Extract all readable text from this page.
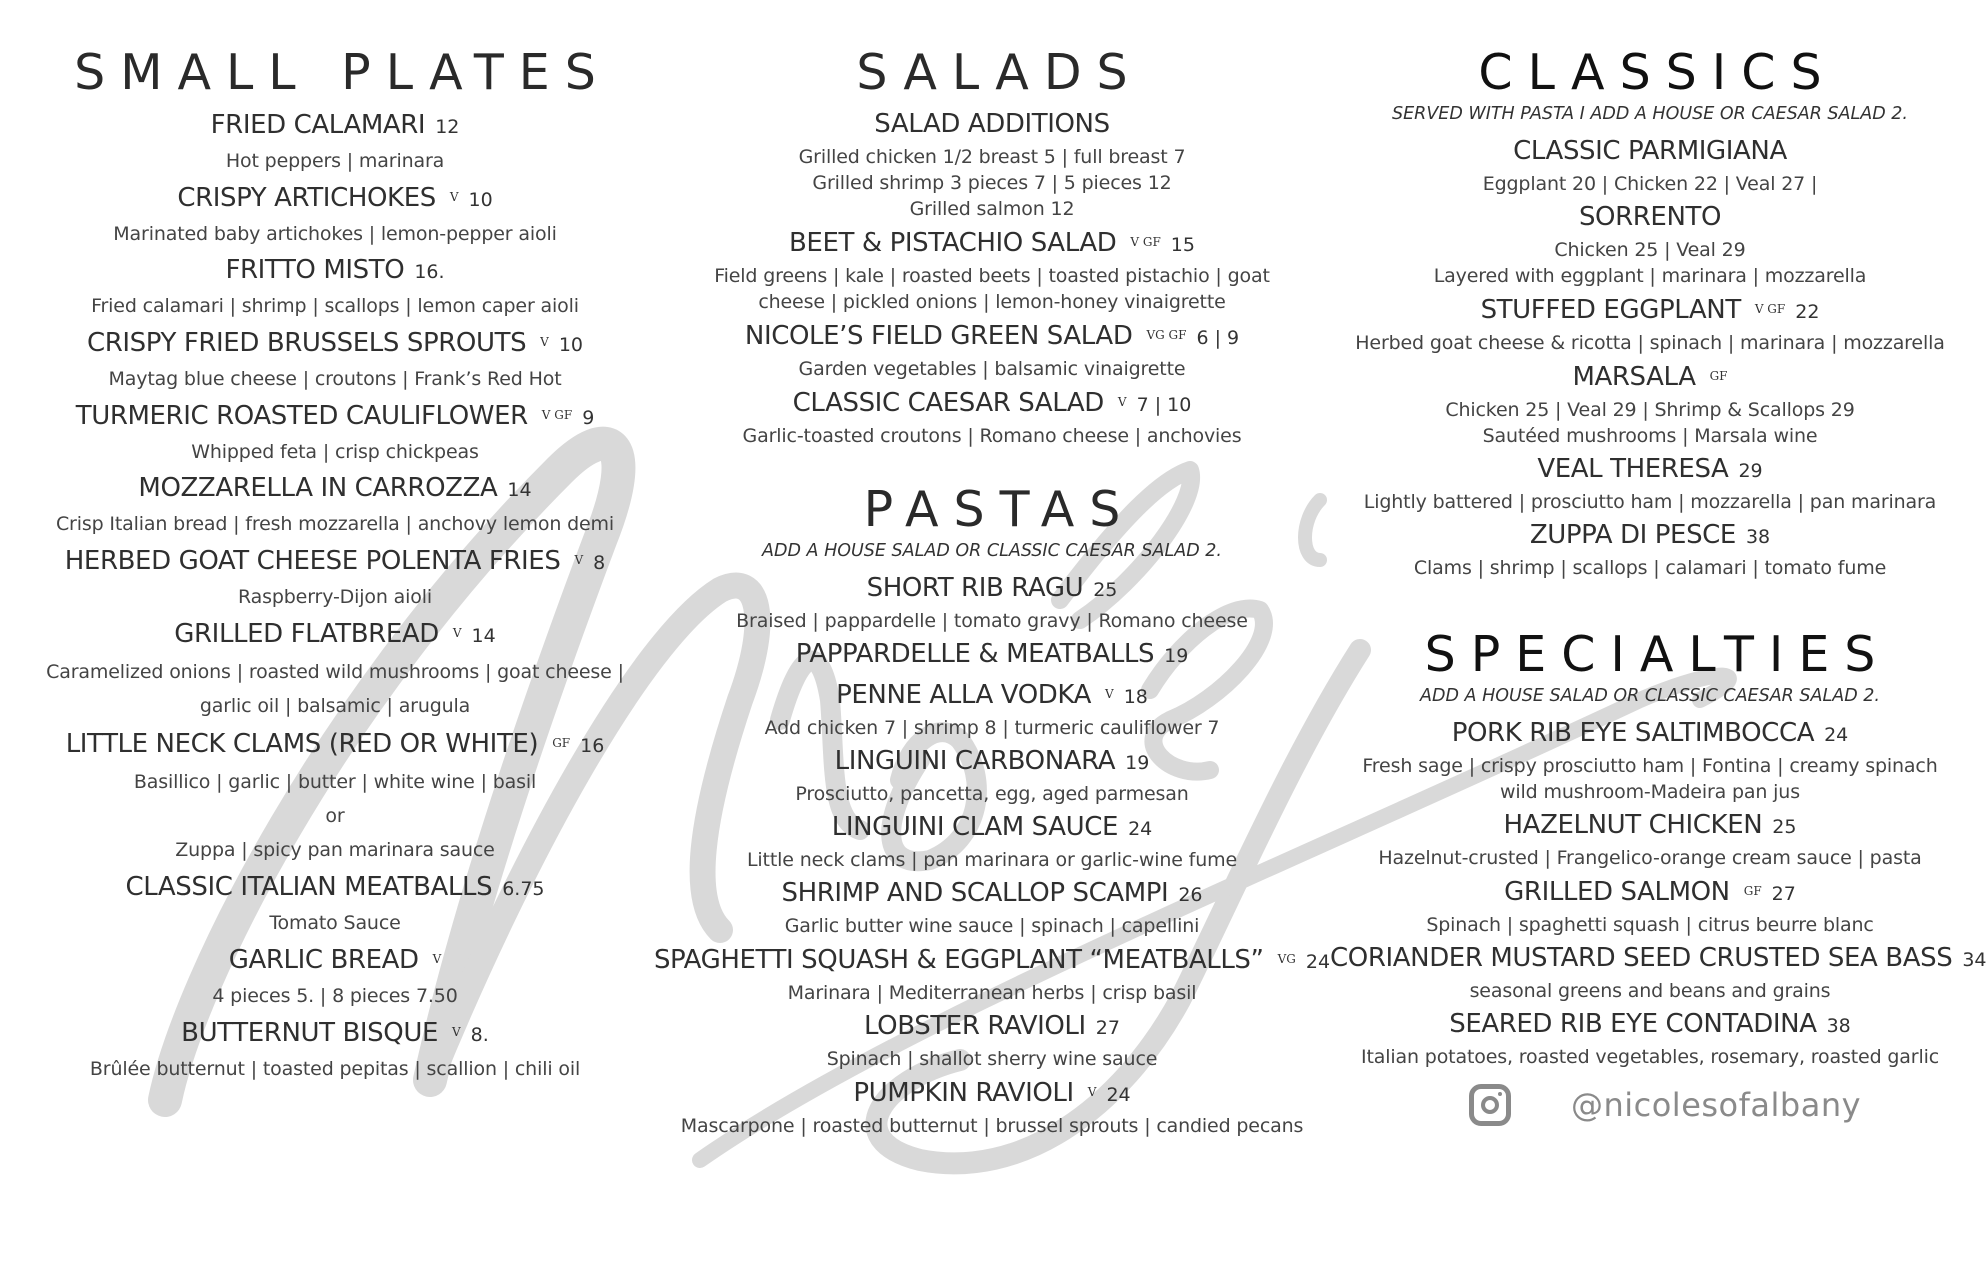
SMALL PLATES
FRIED CALAMARI 12
Hot peppers | marinara
CRISPY ARTICHOKES $^V$ 10
Marinated baby artichokes | lemon-pepper aioli
FRITTO MISTO 16.
Fried calamari | shrimp | scallops | lemon caper aioli
CRISPY FRIED BRUSSELS SPROUTS $^V$ 10
Maytag blue cheese | croutons | Frank’s Red Hot
TURMERIC ROASTED CAULIFLOWER $^{V GF}$ 9
Whipped feta | crisp chickpeas
MOZZARELLA IN CARROZZA 14
Crisp Italian bread | fresh mozzarella | anchovy lemon demi
HERBED GOAT CHEESE POLENTA FRIES $^V$ 8
Raspberry-Dijon aioli
GRILLED FLATBREAD $^V$ 14
Caramelized onions | roasted wild mushrooms | goat cheese |
garlic oil | balsamic | arugula
LITTLE NECK CLAMS (RED OR WHITE) $^{GF}$ 16
Basillico | garlic | butter | white wine | basil
or
Zuppa | spicy pan marinara sauce
CLASSIC ITALIAN MEATBALLS 6.75
Tomato Sauce
GARLIC BREAD $^V$
4 pieces 5. | 8 pieces 7.50
BUTTERNUT BISQUE $^V$ 8.
Brûlée butternut | toasted pepitas | scallion | chili oil
SALADS
SALAD ADDITIONS
Grilled chicken 1/2 breast 5 | full breast 7
Grilled shrimp 3 pieces 7 | 5 pieces 12
Grilled salmon 12
BEET & PISTACHIO SALAD $^{V GF}$ 15
Field greens | kale | roasted beets | toasted pistachio | goat
cheese | pickled onions | lemon-honey vinaigrette
NICOLE’S FIELD GREEN SALAD $^{VG GF}$ 6 | 9
Garden vegetables | balsamic vinaigrette
CLASSIC CAESAR SALAD $^V$ 7 | 10
Garlic-toasted croutons | Romano cheese | anchovies
PASTAS
ADD A HOUSE SALAD OR CLASSIC CAESAR SALAD 2.
SHORT RIB RAGU 25
Braised | pappardelle | tomato gravy | Romano cheese
PAPPARDELLE & MEATBALLS 19
PENNE ALLA VODKA $^V$ 18
Add chicken 7 | shrimp 8 | turmeric cauliflower 7
LINGUINI CARBONARA 19
Prosciutto, pancetta, egg, aged parmesan
LINGUINI CLAM SAUCE 24
Little neck clams | pan marinara or garlic-wine fume
SHRIMP AND SCALLOP SCAMPI 26
Garlic butter wine sauce | spinach | capellini
SPAGHETTI SQUASH & EGGPLANT “MEATBALLS” $^{VG}$ 24
Marinara | Mediterranean herbs | crisp basil
LOBSTER RAVIOLI 27
Spinach | shallot sherry wine sauce
PUMPKIN RAVIOLI $^V$ 24
Mascarpone | roasted butternut | brussel sprouts | candied pecans
CLASSICS
SERVED WITH PASTA I ADD A HOUSE OR CAESAR SALAD 2.
CLASSIC PARMIGIANA
Eggplant 20 | Chicken 22 | Veal 27 |
SORRENTO
Chicken 25 | Veal 29
Layered with eggplant | marinara | mozzarella
STUFFED EGGPLANT $^{V GF}$ 22
Herbed goat cheese & ricotta | spinach | marinara | mozzarella
MARSALA $^{GF}$
Chicken 25 | Veal 29 | Shrimp & Scallops 29
Sautéed mushrooms | Marsala wine
VEAL THERESA 29
Lightly battered | prosciutto ham | mozzarella | pan marinara
ZUPPA DI PESCE 38
Clams | shrimp | scallops | calamari | tomato fume
SPECIALTIES
ADD A HOUSE SALAD OR CLASSIC CAESAR SALAD 2.
PORK RIB EYE SALTIMBOCCA 24
Fresh sage | crispy prosciutto ham | Fontina | creamy spinach
wild mushroom-Madeira pan jus
HAZELNUT CHICKEN 25
Hazelnut-crusted | Frangelico-orange cream sauce | pasta
GRILLED SALMON $^{GF}$ 27
Spinach | spaghetti squash | citrus beurre blanc
CORIANDER MUSTARD SEED CRUSTED SEA BASS 34
seasonal greens and beans and grains
SEARED RIB EYE CONTADINA 38
Italian potatoes, roasted vegetables, rosemary, roasted garlic
@nicolesofalbany
